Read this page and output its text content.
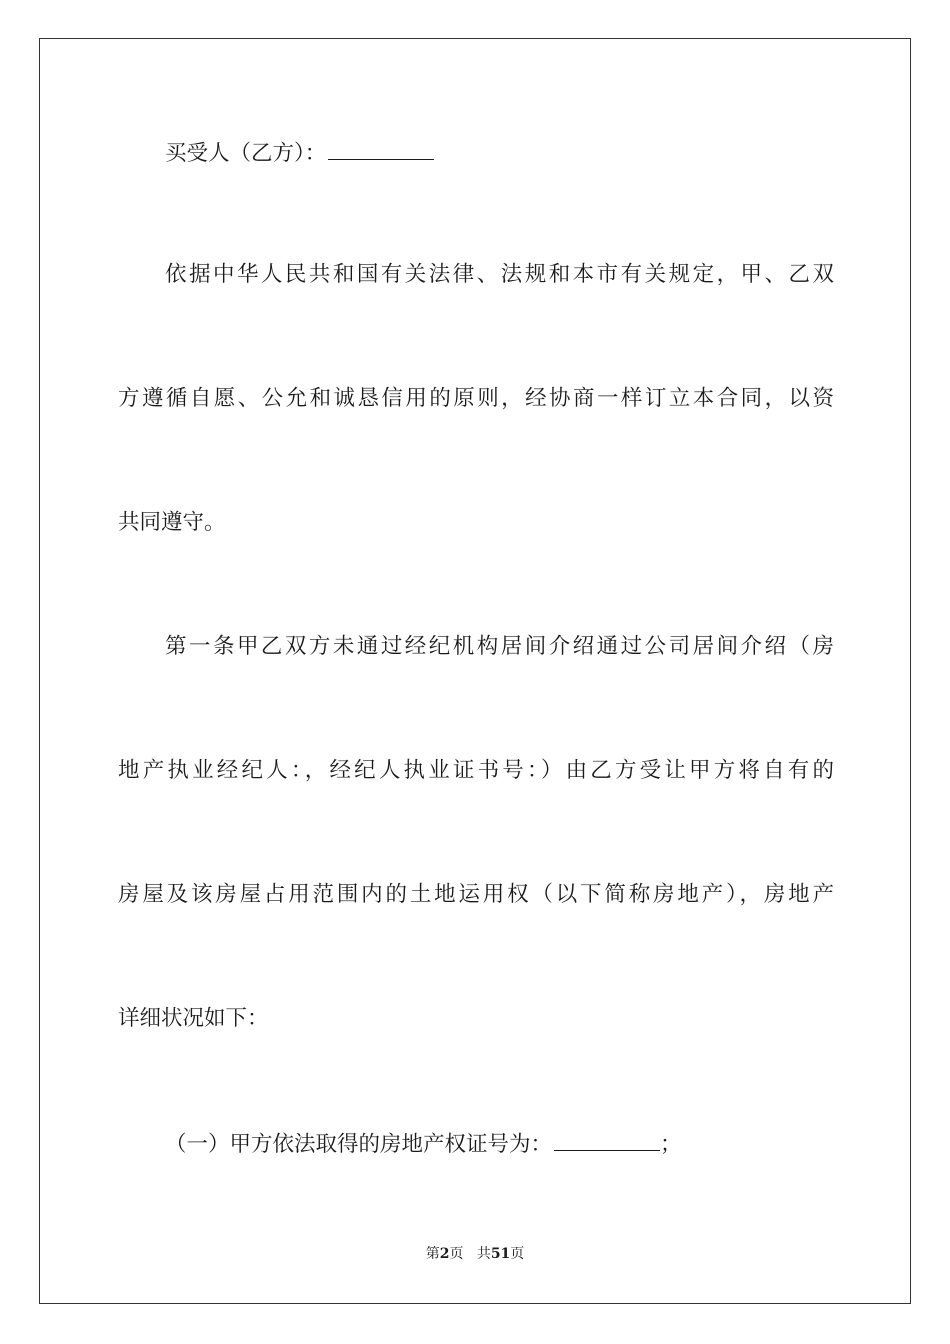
买受人（乙方）：
依据中华人民共和国有关法律、法规和本市有关规定，甲、乙双
方遵循自愿、公允和诚恳信用的原则，经协商一样订立本合同，以资
共同遵守。
第一条甲乙双方未通过经纪机构居间介绍通过公司居间介绍（房
地产执业经纪人：，经纪人执业证书号：）由乙方受让甲方将自有的
房屋及该房屋占用范围内的土地运用权（以下简称房地产），房地产
详细状况如下：
（一）甲方依法取得的房地产权证号为：	；
第2页 共51页
